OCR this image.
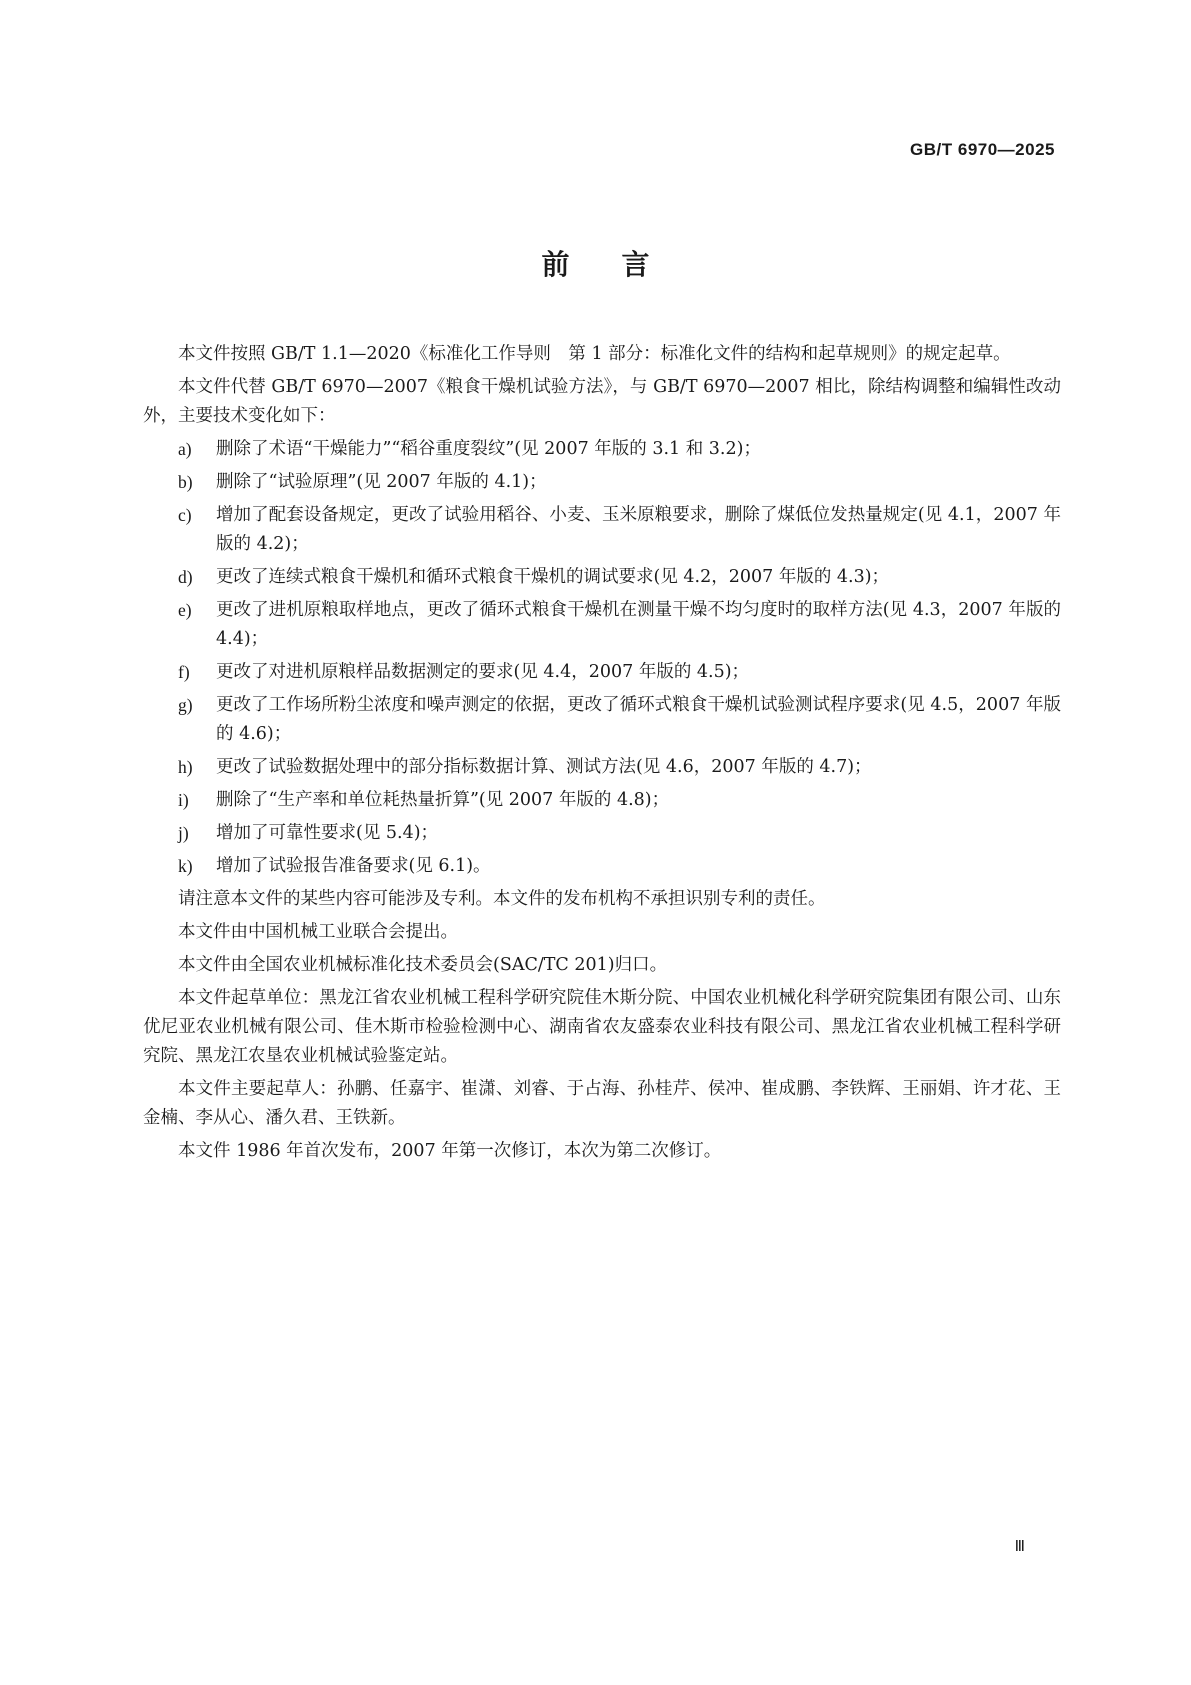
GB/T 6970—2025
前言

本文件按照 GB/T 1.1—2020《标准化工作导则　第 1 部分：标准化文件的结构和起草规则》的规定起草。

本文件代替 GB/T 6970—2007《粮食干燥机试验方法》，与 GB/T 6970—2007 相比，除结构调整和编辑性改动外，主要技术变化如下：

a)	删除了术语“干燥能力”“稻谷重度裂纹”(见 2007 年版的 3.1 和 3.2)；
b)	删除了“试验原理”(见 2007 年版的 4.1)；
c)	增加了配套设备规定，更改了试验用稻谷、小麦、玉米原粮要求，删除了煤低位发热量规定(见 4.1，2007 年版的 4.2)；
d)	更改了连续式粮食干燥机和循环式粮食干燥机的调试要求(见 4.2，2007 年版的 4.3)；
e)	更改了进机原粮取样地点，更改了循环式粮食干燥机在测量干燥不均匀度时的取样方法(见 4.3，2007 年版的 4.4)；
f)	更改了对进机原粮样品数据测定的要求(见 4.4，2007 年版的 4.5)；
g)	更改了工作场所粉尘浓度和噪声测定的依据，更改了循环式粮食干燥机试验测试程序要求(见 4.5，2007 年版的 4.6)；
h)	更改了试验数据处理中的部分指标数据计算、测试方法(见 4.6，2007 年版的 4.7)；
i)	删除了“生产率和单位耗热量折算”(见 2007 年版的 4.8)；
j)	增加了可靠性要求(见 5.4)；
k)	增加了试验报告准备要求(见 6.1)。

请注意本文件的某些内容可能涉及专利。本文件的发布机构不承担识别专利的责任。

本文件由中国机械工业联合会提出。

本文件由全国农业机械标准化技术委员会(SAC/TC 201)归口。

本文件起草单位：黑龙江省农业机械工程科学研究院佳木斯分院、中国农业机械化科学研究院集团有限公司、山东优尼亚农业机械有限公司、佳木斯市检验检测中心、湖南省农友盛泰农业科技有限公司、黑龙江省农业机械工程科学研究院、黑龙江农垦农业机械试验鉴定站。

本文件主要起草人：孙鹏、任嘉宇、崔潇、刘睿、于占海、孙桂芹、侯冲、崔成鹏、李铁辉、王丽娟、许才花、王金楠、李从心、潘久君、王铁新。

本文件 1986 年首次发布，2007 年第一次修订，本次为第二次修订。

Ⅲ
